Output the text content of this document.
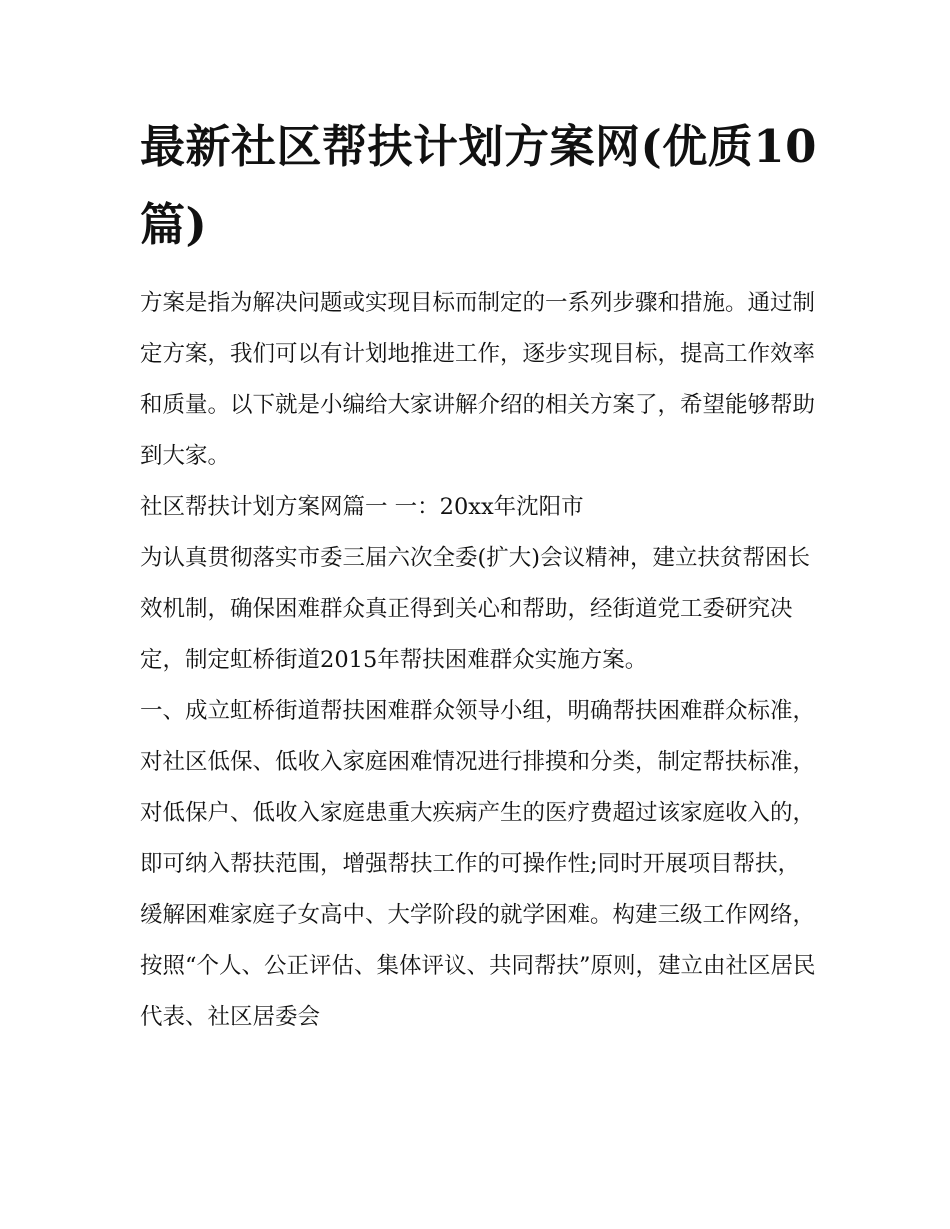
最新社区帮扶计划方案网(优质10篇)

方案是指为解决问题或实现目标而制定的一系列步骤和措施。通过制定方案，我们可以有计划地推进工作，逐步实现目标，提高工作效率和质量。以下就是小编给大家讲解介绍的相关方案了，希望能够帮助到大家。

社区帮扶计划方案网篇一 一：20xx年沈阳市

为认真贯彻落实市委三届六次全委(扩大)会议精神，建立扶贫帮困长效机制，确保困难群众真正得到关心和帮助，经街道党工委研究决定，制定虹桥街道2015年帮扶困难群众实施方案。

一、成立虹桥街道帮扶困难群众领导小组，明确帮扶困难群众标准，对社区低保、低收入家庭困难情况进行排摸和分类，制定帮扶标准，对低保户、低收入家庭患重大疾病产生的医疗费超过该家庭收入的，即可纳入帮扶范围，增强帮扶工作的可操作性;同时开展项目帮扶，缓解困难家庭子女高中、大学阶段的就学困难。构建三级工作网络，按照“个人、公正评估、集体评议、共同帮扶”原则，建立由社区居民代表、社区居委会
